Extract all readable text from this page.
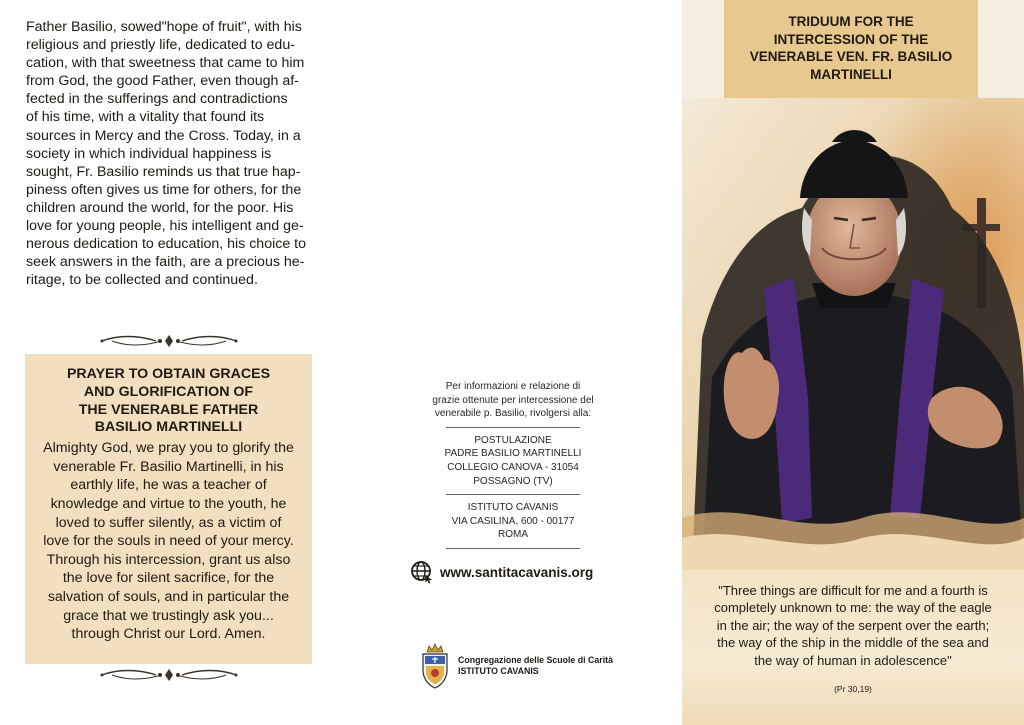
Father Basilio, sowed"hope of fruit", with his
religious and priestly life, dedicated to edu-
cation, with that sweetness that came to him
from God, the good Father, even though af-
fected in the sufferings and contradictions
of his time, with a vitality that found its
sources in Mercy and the Cross. Today, in a
society in which individual happiness is
sought, Fr. Basilio reminds us that true hap-
piness often gives us time for others, for the
children around the world, for the poor. His
love for young people, his intelligent and ge-
nerous dedication to education, his choice to
seek answers in the faith, are a precious he-
ritage, to be collected and continued.
PRAYER TO OBTAIN GRACES
AND GLORIFICATION OF
THE VENERABLE FATHER
BASILIO MARTINELLI
Almighty God, we pray you to glorify the
venerable Fr. Basilio Martinelli, in his
earthly life, he was a teacher of
knowledge and virtue to the youth, he
loved to suffer silently, as a victim of
love for the souls in need of your mercy.
Through his intercession, grant us also
the love for silent sacrifice, for the
salvation of souls, and in particular the
grace that we trustingly ask you...
through Christ our Lord. Amen.
Per informazioni e relazione di
grazie ottenute per intercessione del
venerabile p. Basilio, rivolgersi alla:
POSTULAZIONE
PADRE BASILIO MARTINELLI
COLLEGIO CANOVA - 31054
POSSAGNO (TV)
ISTITUTO CAVANIS
VIA CASILINA, 600 - 00177
ROMA
www.santitacavanis.org
Congregazione delle Scuole di Carità
ISTITUTO CAVANIS
TRIDUUM FOR THE
INTERCESSION OF THE
VENERABLE VEN. FR. BASILIO
MARTINELLI
"Three things are difficult for me and a fourth is
completely unknown to me: the way of the eagle
in the air; the way of the serpent over the earth;
the way of the ship in the middle of the sea and
the way of human in adolescence"
(Pr 30,19)
